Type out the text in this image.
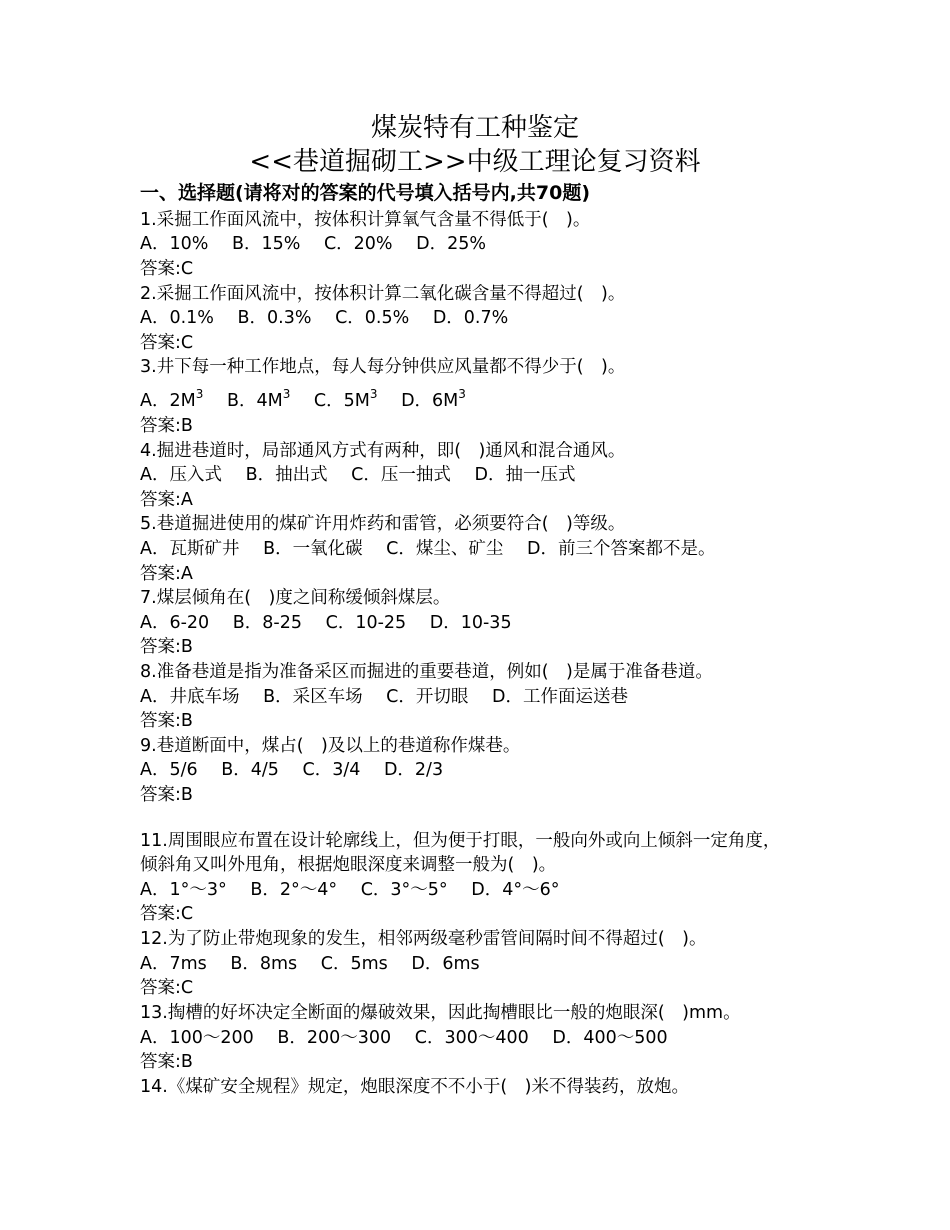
煤炭特有工种鉴定
<<巷道掘砌工>>中级工理论复习资料
一、选择题(请将对的答案的代号填入括号内,共70题)
1.采掘工作面风流中，按体积计算氧气含量不得低于(　)。
A．10% B．15% C．20% D．25%
答案:C
2.采掘工作面风流中，按体积计算二氧化碳含量不得超过(　)。
A．0.1% B．0.3% C．0.5% D．0.7%
答案:C
3.井下每一种工作地点，每人每分钟供应风量都不得少于(　)。
A．$2M^3$ B．$4M^3$ C．$5M^3$ D．$6M^3$
答案:B
4.掘进巷道时，局部通风方式有两种，即(　)通风和混合通风。
A．压入式 B．抽出式 C．压一抽式 D．抽一压式
答案:A
5.巷道掘进使用的煤矿许用炸药和雷管，必须要符合(　)等级。
A．瓦斯矿井 B．一氧化碳 C．煤尘、矿尘 D．前三个答案都不是。
答案:A
7.煤层倾角在(　)度之间称缓倾斜煤层。
A．6-20 B．8-25 C．10-25 D．10-35
答案:B
8.准备巷道是指为准备采区而掘进的重要巷道，例如(　)是属于准备巷道。
A．井底车场 B．采区车场 C．开切眼 D．工作面运送巷
答案:B
9.巷道断面中，煤占(　)及以上的巷道称作煤巷。
A．5/6 B．4/5 C．3/4 D．2/3
答案:B
11.周围眼应布置在设计轮廓线上，但为便于打眼，一般向外或向上倾斜一定角度，
倾斜角又叫外甩角，根据炮眼深度来调整一般为(　)。
A．1°～3° B．2°～4° C．3°～5° D．4°～6°
答案:C
12.为了防止带炮现象的发生，相邻两级毫秒雷管间隔时间不得超过(　)。
A．7ms B．8ms C．5ms D．6ms
答案:C
13.掏槽的好坏决定全断面的爆破效果，因此掏槽眼比一般的炮眼深(　)mm。
A．100～200 B．200～300 C．300～400 D．400～500
答案:B
14.《煤矿安全规程》规定，炮眼深度不不小于(　)米不得装药，放炮。
